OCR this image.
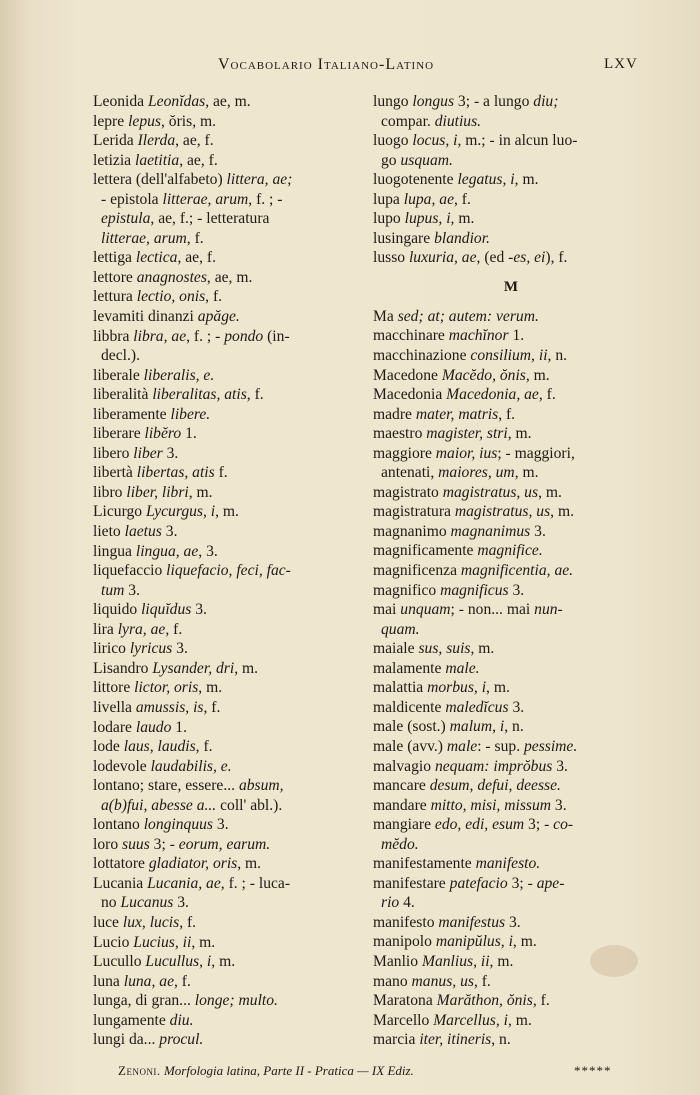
Vocabolario Italiano-Latino	LXV
Leonida Leonĭdas, ae, m.
lepre lepus, ŏris, m.
Lerida Ilerda, ae, f.
letizia laetitia, ae, f.
lettera (dell'alfabeto) littera, ae;
- epistola litterae, arum, f. ; -
epistula, ae, f.; - letteratura
litterae, arum, f.
lettiga lectica, ae, f.
lettore anagnostes, ae, m.
lettura lectio, onis, f.
levamiti dinanzi apăge.
libbra libra, ae, f. ; - pondo (in-
decl.).
liberale liberalis, e.
liberalità liberalitas, atis, f.
liberamente libere.
liberare libĕro 1.
libero liber 3.
libertà libertas, atis f.
libro liber, libri, m.
Licurgo Lycurgus, i, m.
lieto laetus 3.
lingua lingua, ae, 3.
liquefaccio liquefacio, feci, fac-
tum 3.
liquido liquĭdus 3.
lira lyra, ae, f.
lirico lyricus 3.
Lisandro Lysander, dri, m.
littore lictor, oris, m.
livella amussis, is, f.
lodare laudo 1.
lode laus, laudis, f.
lodevole laudabilis, e.
lontano; stare, essere... absum,
a(b)fui, abesse a... coll' abl.).
lontano longinquus 3.
loro suus 3; - eorum, earum.
lottatore gladiator, oris, m.
Lucania Lucania, ae, f. ; - luca-
no Lucanus 3.
luce lux, lucis, f.
Lucio Lucius, ii, m.
Lucullo Lucullus, i, m.
luna luna, ae, f.
lunga, di gran... longe; multo.
lungamente diu.
lungi da... procul.
lungo longus 3; - a lungo diu;
compar. diutius.
luogo locus, i, m.; - in alcun luo-
go usquam.
luogotenente legatus, i, m.
lupa lupa, ae, f.
lupo lupus, i, m.
lusingare blandior.
lusso luxuria, ae, (ed -es, ei), f.
M
Ma sed; at; autem: verum.
macchinare machĭnor 1.
macchinazione consilium, ii, n.
Macedone Macĕdo, ŏnis, m.
Macedonia Macedonia, ae, f.
madre mater, matris, f.
maestro magister, stri, m.
maggiore maior, ius; - maggiori,
antenati, maiores, um, m.
magistrato magistratus, us, m.
magistratura magistratus, us, m.
magnanimo magnanimus 3.
magnificamente magnifice.
magnificenza magnificentia, ae.
magnifico magnificus 3.
mai unquam; - non... mai nun-
quam.
maiale sus, suis, m.
malamente male.
malattia morbus, i, m.
maldicente maledĭcus 3.
male (sost.) malum, i, n.
male (avv.) male: - sup. pessime.
malvagio nequam: imprŏbus 3.
mancare desum, defui, deesse.
mandare mitto, misi, missum 3.
mangiare edo, edi, esum 3; - co-
mĕdo.
manifestamente manifesto.
manifestare patefacio 3; - ape-
rio 4.
manifesto manifestus 3.
manipolo manipŭlus, i, m.
Manlio Manlius, ii, m.
mano manus, us, f.
Maratona Marăthon, ŏnis, f.
Marcello Marcellus, i, m.
marcia iter, itineris, n.
Zenoni. Morfologia latina, Parte II - Pratica — IX Ediz.	*****
